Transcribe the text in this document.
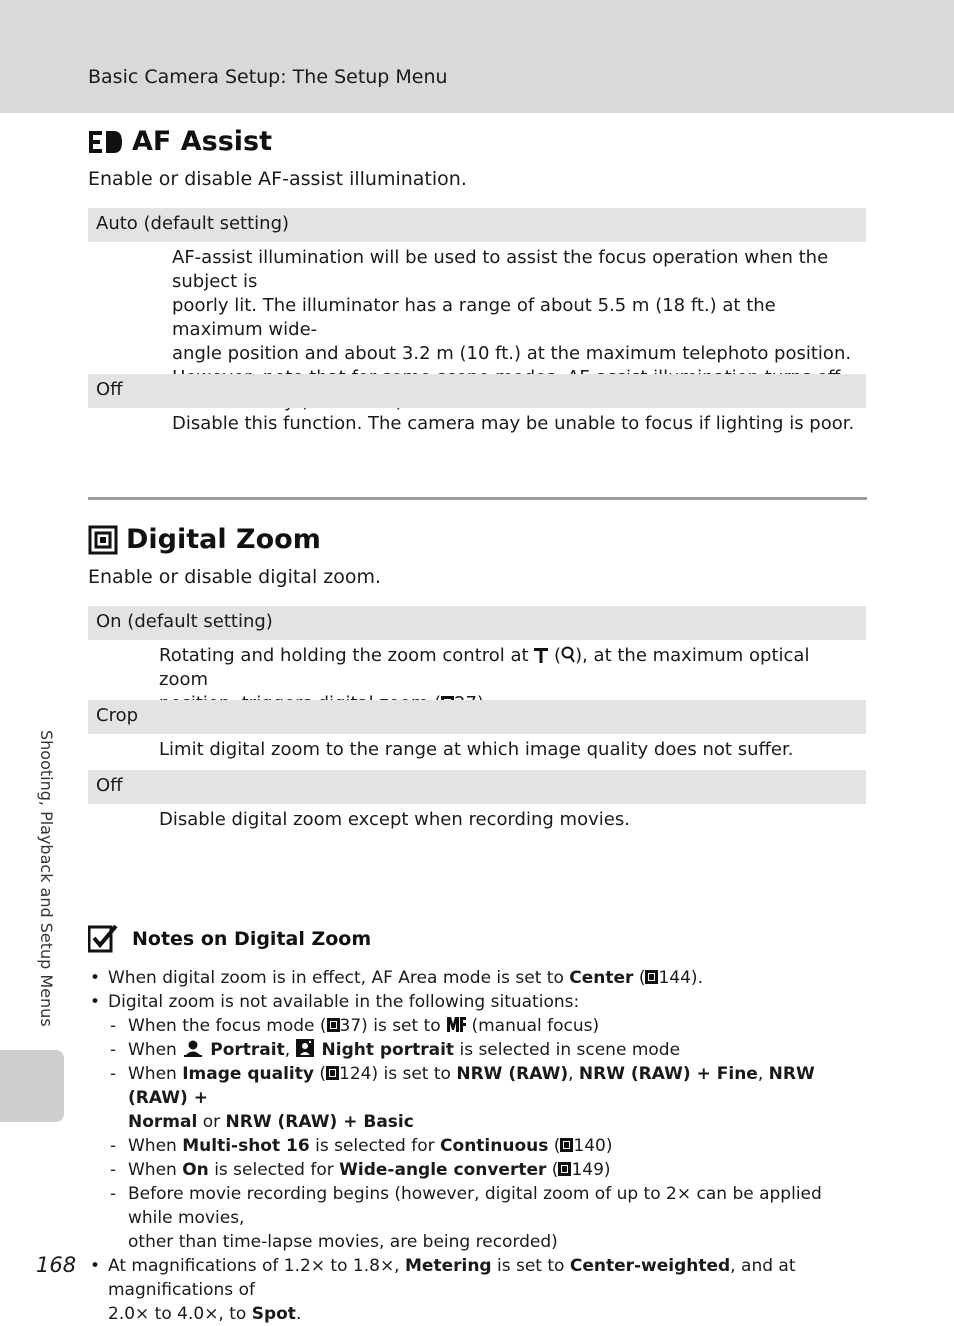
Basic Camera Setup: The Setup Menu
AF Assist
Enable or disable AF-assist illumination.
Auto (default setting)
AF-assist illumination will be used to assist the focus operation when the subject is
poorly lit. The illuminator has a range of about 5.5 m (18 ft.) at the maximum wide-
angle position and about 3.2 m (10 ft.) at the maximum telephoto position.
Off
Disable this function. The camera may be unable to focus if lighting is poor.
Digital Zoom
Enable or disable digital zoom.
On (default setting)
Rotating and holding the zoom control at  ( ), at the maximum optical zoom
Crop
Limit digital zoom to the range at which image quality does not suffer.
Off
Disable digital zoom except when recording movies.
Notes on Digital Zoom
• When digital zoom is in effect, AF Area mode is set to Center ( 144).
• Digital zoom is not available in the following situations:
- When the focus mode ( 37) is set to  (manual focus)
- When Portrait, Night portrait is selected in scene mode
- When Image quality ( 124) is set to NRW (RAW), NRW (RAW) + Fine, NRW (RAW) +
Normal or NRW (RAW) + Basic
- When Multi-shot 16 is selected for Continuous ( 140)
- When On is selected for Wide-angle converter ( 149)
- Before movie recording begins (however, digital zoom of up to 2× can be applied while movies,
other than time-lapse movies, are being recorded)
• At magnifications of 1.2× to 1.8×, Metering is set to Center-weighted, and at magnifications of
2.0× to 4.0×, to Spot.
Shooting, Playback and Setup Menus
168
